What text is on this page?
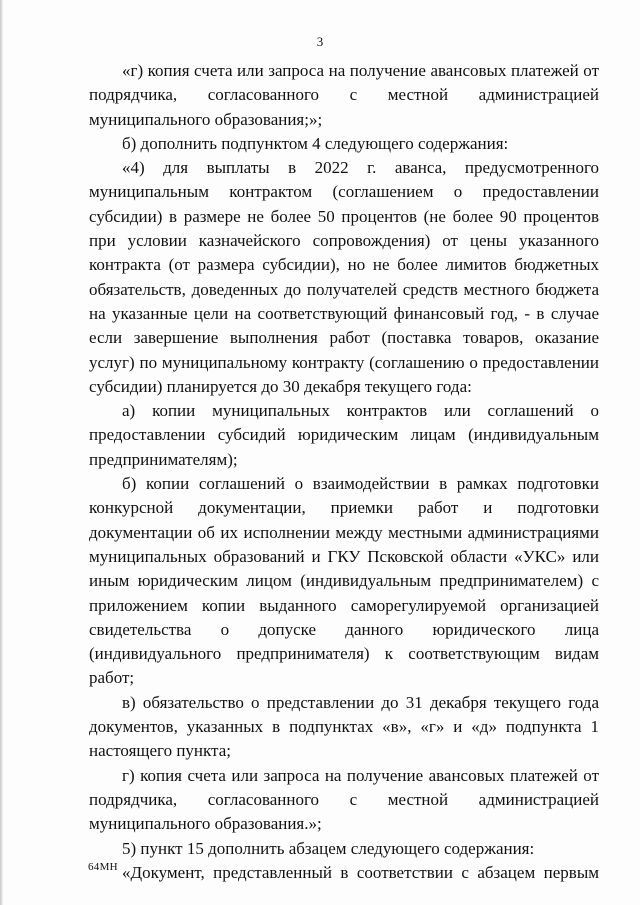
3

«г) копия счета или запроса на получение авансовых платежей от подрядчика, согласованного с местной администрацией муниципального образования;»;

б) дополнить подпунктом 4 следующего содержания:

«4) для выплаты в 2022 г. аванса, предусмотренного муниципальным контрактом (соглашением о предоставлении субсидии) в размере не более 50 процентов (не более 90 процентов при условии казначейского сопровождения) от цены указанного контракта (от размера субсидии), но не более лимитов бюджетных обязательств, доведенных до получателей средств местного бюджета на указанные цели на соответствующий финансовый год, - в случае если завершение выполнения работ (поставка товаров, оказание услуг) по муниципальному контракту (соглашению о предоставлении субсидии) планируется до 30 декабря текущего года:

а) копии муниципальных контрактов или соглашений о предоставлении субсидий юридическим лицам (индивидуальным предпринимателям);

б) копии соглашений о взаимодействии в рамках подготовки конкурсной документации, приемки работ и подготовки документации об их исполнении между местными администрациями муниципальных образований и ГКУ Псковской области «УКС» или иным юридическим лицом (индивидуальным предпринимателем) с приложением копии выданного саморегулируемой организацией свидетельства о допуске данного юридического лица (индивидуального предпринимателя) к соответствующим видам работ;

в) обязательство о представлении до 31 декабря текущего года документов, указанных в подпунктах «в», «г» и «д» подпункта 1 настоящего пункта;

г) копия счета или запроса на получение авансовых платежей от подрядчика, согласованного с местной администрацией муниципального образования.»;

5) пункт 15 дополнить абзацем следующего содержания:

«Документ, представленный в соответствии с абзацем первым

64МН
